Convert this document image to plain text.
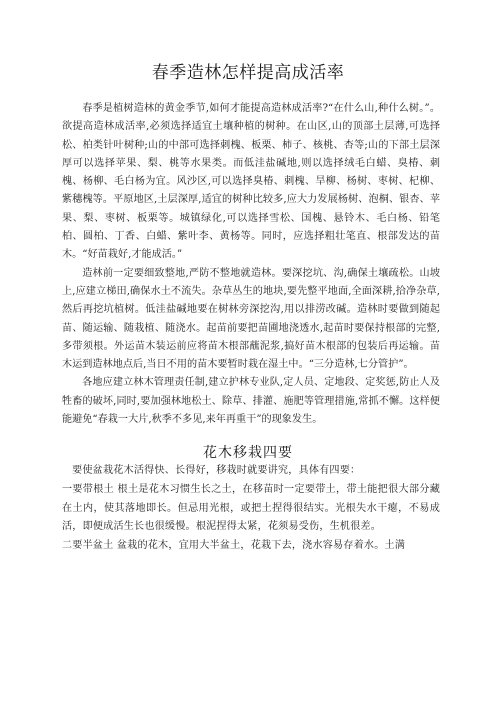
春季造林怎样提高成活率

春季是植树造林的黄金季节,如何才能提高造林成活率?“在什么山,种什么树。”。欲提高造林成活率,必须选择适宜土壤种植的树种。在山区,山的顶部土层薄,可选择松、柏类针叶树种;山的中部可选择刺槐、板栗、柿子、核桃、杏等;山的下部土层深厚可以选择苹果、梨、桃等水果类。而低洼盐碱地,则以选择绒毛白蜡、臭椿、刺槐、杨柳、毛白杨为宜。风沙区,可以选择臭椿、刺槐、旱柳、杨树、枣树、杞柳、紫穗槐等。平原地区,土层深厚,适宜的树种比较多,应大力发展杨树、泡桐、银杏、苹果、梨、枣树、板栗等。城镇绿化,可以选择雪松、国槐、悬铃木、毛白杨、铅笔柏、圆柏、丁香、白蜡、紫叶李、黄杨等。同时，应选择粗壮笔直、根部发达的苗木。“好苗栽好,才能成活。”

造林前一定要细致整地,严防不整地就造林。要深挖坑、沟,确保土壤疏松。山坡上,应建立梯田,确保水土不流失。杂草丛生的地块,要先整平地面,全面深耕,拾净杂草,然后再挖坑植树。低洼盐碱地要在树林旁深挖沟,用以排涝改碱。造林时要做到随起苗、随运输、随栽植、随浇水。起苗前要把苗圃地浇透水,起苗时要保持根部的完整,多带须根。外运苗木装运前应将苗木根部蘸泥浆,搞好苗木根部的包装后再运输。苗木运到造林地点后,当日不用的苗木要暂时栽在湿土中。“三分造林,七分管护”。

各地应建立林木管理责任制,建立护林专业队,定人员、定地段、定奖惩,防止人及牲畜的破坏,同时,要加强林地松土、除草、排灌、施肥等管理措施,常抓不懈。这样便能避免“春栽一大片,秋季不多见,来年再重干”的现象发生。

花木移栽四要

要使盆栽花木活得快、长得好，移栽时就要讲究，具体有四要：

一要带根土 根土是花木习惯生长之土，在移苗时一定要带土，带土能把很大部分藏在土内，使其落地即长。但忌用光根，或把土捏得很结实。光根失水干瘪，不易成活，即便成活生长也很缓慢。根泥捏得太紧，花须易受伤，生机很差。

二要半盆土 盆栽的花木，宜用大半盆土，花栽下去，浇水容易存着水。土满
